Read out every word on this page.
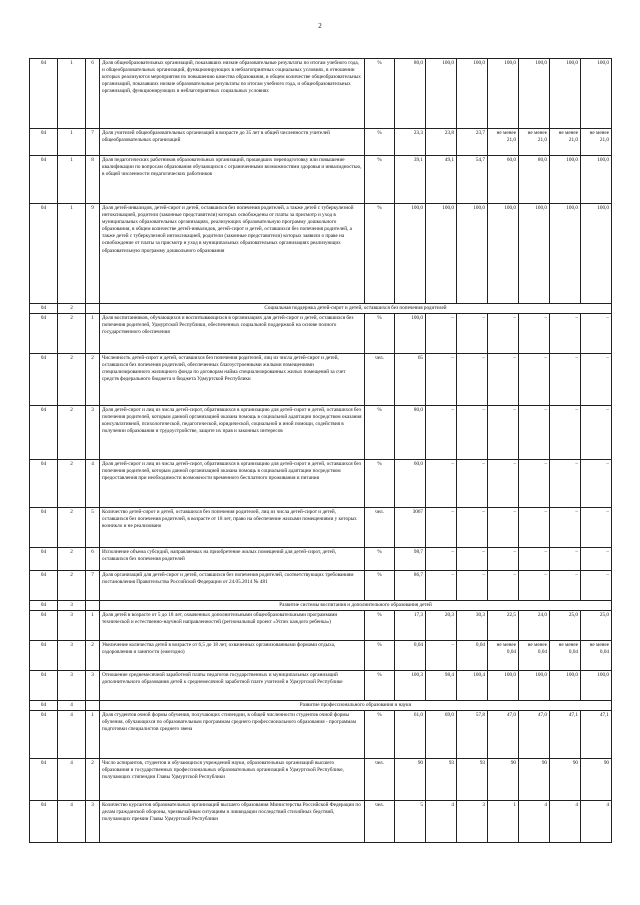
2
04	1	6	Доля общеобразовательных организаций, показавших низкие образовательные результаты по итогам учебного года, и общеобразовательных организаций, функционирующих в неблагоприятных социальных условиях, в отношении которых реализуются мероприятия по повышению качества образования, в общем количестве общеобразовательных организаций, показавших низкие образовательные результаты по итогам учебного года, и общеобразовательных организаций, функционирующих в неблагоприятных социальных условиях	%	80,0	100,0	100,0	100,0	100,0	100,0	100,0
04	1	7	Доля учителей общеобразовательных организаций в возрасте до 35 лет в общей численности учителей общеобразовательных организаций	%	23,3	23,8	23,7	не менее 21,0	не менее 21,0	не менее 21,0	не менее 21,0
04	1	8	Доля педагогических работников образовательных организаций, прошедших переподготовку или повышение квалификации по вопросам образования обучающихся с ограниченными возможностями здоровья и инвалидностью, в общей численности педагогических работников	%	39,1	49,1	54,7	60,0	80,0	100,0	100,0
04	1	9	Доля детей-инвалидов, детей-сирот и детей, оставшихся без попечения родителей, а также детей с туберкулезной интоксикацией, родители (законные представители) которых освобождены от платы за присмотр и уход в муниципальных образовательных организациях, реализующих образовательную программу дошкольного образования, в общем количестве детей-инвалидов, детей-сирот и детей, оставшихся без попечения родителей, а также детей с туберкулезной интоксикацией, родители (законные представители) которых заявили о праве на освобождение от платы за присмотр и уход в муниципальных образовательных организациях реализующих образовательную программу дошкольного образования	%	100,0	100,0	100,0	100,0	100,0	100,0	100,0
04	2		Социальная поддержка детей-сирот и детей, оставшихся без попечения родителей								
04	2	1	Доля воспитанников, обучающихся и воспитывающихся в организациях для детей-сирот и детей, оставшихся без попечения родителей, Удмуртской Республики, обеспеченных социальной поддержкой на основе полного государственного обеспечения	%	100,0	–	–	–	–	–	–
04	2	2	Численность детей-сирот и детей, оставшихся без попечения родителей, лиц из числа детей-сирот и детей, оставшихся без попечения родителей, обеспеченных благоустроенными жилыми помещениями специализированного жилищного фонда по договорам найма специализированных жилых помещений за счет средств федерального бюджета и бюджета Удмуртской Республики	чел.	65	–	–	–	–	–	–
04	2	3	Доля детей-сирот и лиц из числа детей-сирот, обратившихся в организацию для детей-сирот и детей, оставшихся без попечения родителей, которым данной организацией оказана помощь в социальной адаптации посредством оказания консультативной, психологической, педагогической, юридической, социальной и иной помощи, содействия в получении образования и трудоустройстве, защите их прав и законных интересов	%	80,0	–	–	–	–	–	–
04	2	4	Доля детей-сирот и лиц из числа детей-сирот, обратившихся в организацию для детей-сирот и детей, оставшихся без попечения родителей, которым данной организацией оказана помощь в социальной адаптации посредством предоставления при необходимости возможности временного бесплатного проживания и питания	%	60,0	–	–	–	–	–	–
04	2	5	Количество детей-сирот и детей, оставшихся без попечения родителей, лиц из числа детей-сирот и детей, оставшихся без попечения родителей, в возрасте от 18 лет, право на обеспечение жилыми помещениями у которых возникло и не реализовано	чел.	3067	–	–	–	–	–	–
04	2	6	Исполнение объема субсидий, направляемых на приобретение жилых помещений для детей-сирот, детей, оставшихся без попечения родителей	%	98,7	–	–	–	–	–	–
04	2	7	Доля организаций для детей-сирот и детей, оставшихся без попечения родителей, соответствующих требованиям постановления Правительства Российской Федерации от 24.05.2014 № 481	%	86,7	–	–	–	–	–	–
04	3		Развитие системы воспитания и дополнительного образования детей								
04	3	1	Доля детей в возрасте от 5 до 18 лет, охваченных дополнительными общеобразовательными программами технической и естественно-научной направленностей (региональный проект «Успех каждого ребенка»)	%	17,3	20,3	30,3	22,5	24,0	25,0	25,0
04	3	2	Увеличение количества детей в возрасте от 6,5 до 18 лет, охваченных организованными формами отдыха, оздоровления и занятости (ежегодно)	%	0,04	–	0,04	не менее 0,04	не менее 0,04	не менее 0,04	не менее 0,04
04	3	3	Отношение среднемесячной заработной платы педагогов государственных и муниципальных организаций дополнительного образования детей к среднемесячной заработной плате учителей в Удмуртской Республике	%	100,3	98,4	100,4	100,0	100,0	100,0	100,0
04	4		Развитие профессионального образования и науки								
04	4	1	Доля студентов очной формы обучения, получающих стипендии, в общей численности студентов очной формы обучения, обучающихся по образовательным программам среднего профессионального образования - программам подготовки специалистов среднего звена	%	61,0	69,0	57,8	47,0	47,0	47,1	47,1
04	4	2	Число аспирантов, студентов и обучающихся учреждений науки, образовательных организаций высшего образования и государственных профессиональных образовательных организаций в Удмуртской Республике, получающих стипендии Главы Удмуртской Республики	чел.	90	93	93	90	90	90	90
04	4	3	Количество курсантов образовательных организаций высшего образования Министерства Российской Федерации по делам гражданской обороны, чрезвычайным ситуациям и ликвидации последствий стихийных бедствий, получающих премии Главы Удмуртской Республики	чел.	5	4	3	1	4	4	4
